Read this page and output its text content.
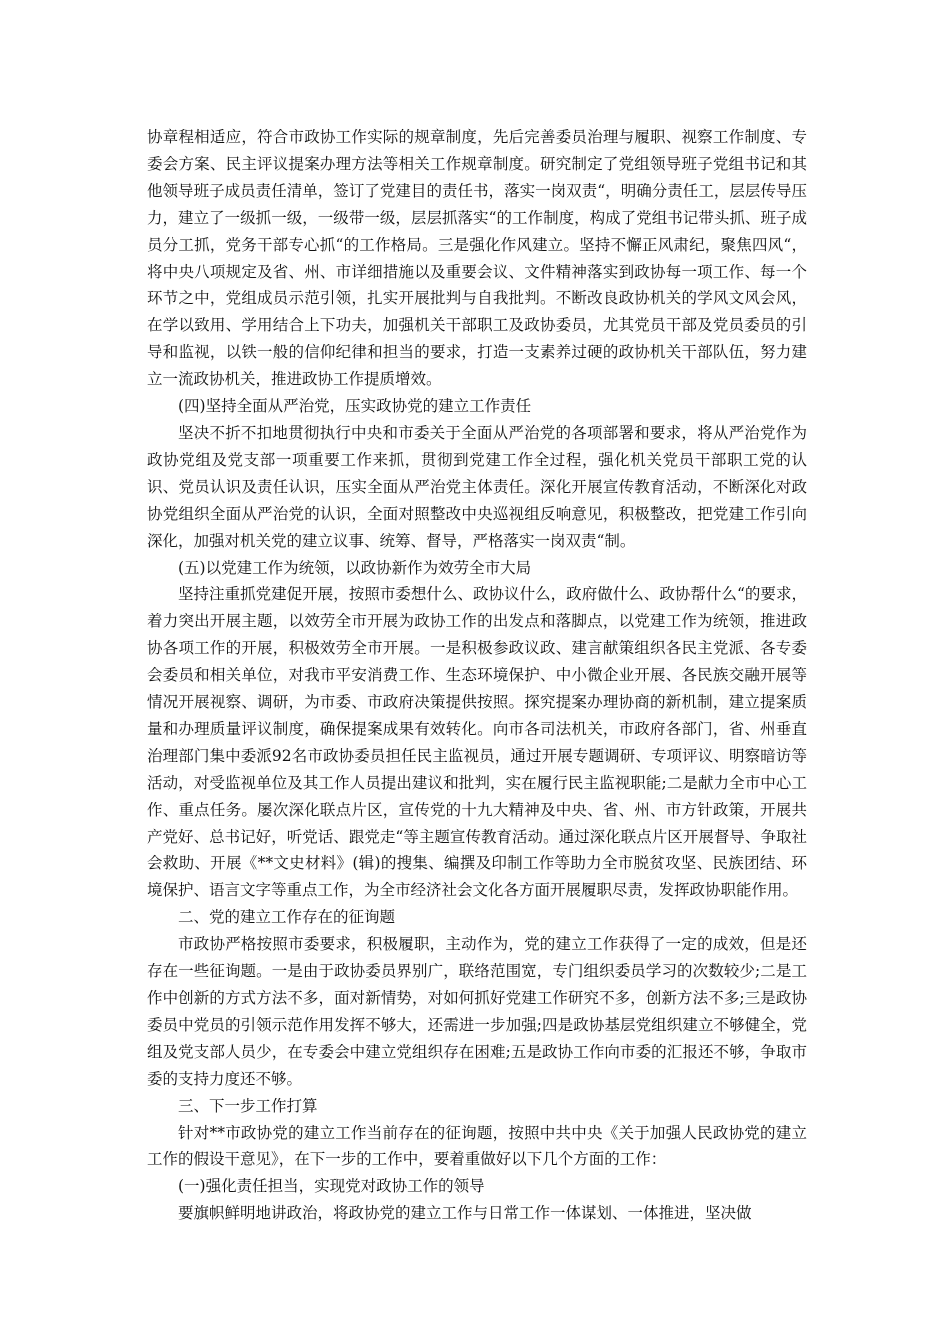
协章程相适应，符合市政协工作实际的规章制度，先后完善委员治理与履职、视察工作制度、专委会方案、民主评议提案办理方法等相关工作规章制度。研究制定了党组领导班子党组书记和其他领导班子成员责任清单，签订了党建目的责任书，落实一岗双责“，明确分责任工，层层传导压力，建立了一级抓一级，一级带一级，层层抓落实“的工作制度，构成了党组书记带头抓、班子成员分工抓，党务干部专心抓“的工作格局。三是强化作风建立。坚持不懈正风肃纪，聚焦四风“，将中央八项规定及省、州、市详细措施以及重要会议、文件精神落实到政协每一项工作、每一个环节之中，党组成员示范引领，扎实开展批判与自我批判。不断改良政协机关的学风文风会风，在学以致用、学用结合上下功夫，加强机关干部职工及政协委员，尤其党员干部及党员委员的引导和监视，以铁一般的信仰纪律和担当的要求，打造一支素养过硬的政协机关干部队伍，努力建立一流政协机关，推进政协工作提质增效。

(四)坚持全面从严治党，压实政协党的建立工作责任

坚决不折不扣地贯彻执行中央和市委关于全面从严治党的各项部署和要求，将从严治党作为政协党组及党支部一项重要工作来抓，贯彻到党建工作全过程，强化机关党员干部职工党的认识、党员认识及责任认识，压实全面从严治党主体责任。深化开展宣传教育活动，不断深化对政协党组织全面从严治党的认识，全面对照整改中央巡视组反响意见，积极整改，把党建工作引向深化，加强对机关党的建立议事、统筹、督导，严格落实一岗双责“制。

(五)以党建工作为统领，以政协新作为效劳全市大局

坚持注重抓党建促开展，按照市委想什么、政协议什么，政府做什么、政协帮什么“的要求，着力突出开展主题，以效劳全市开展为政协工作的出发点和落脚点，以党建工作为统领，推进政协各项工作的开展，积极效劳全市开展。一是积极参政议政、建言献策组织各民主党派、各专委会委员和相关单位，对我市平安消费工作、生态环境保护、中小微企业开展、各民族交融开展等情况开展视察、调研，为市委、市政府决策提供按照。探究提案办理协商的新机制，建立提案质量和办理质量评议制度，确保提案成果有效转化。向市各司法机关，市政府各部门，省、州垂直治理部门集中委派92名市政协委员担任民主监视员，通过开展专题调研、专项评议、明察暗访等活动，对受监视单位及其工作人员提出建议和批判，实在履行民主监视职能;二是献力全市中心工作、重点任务。屡次深化联点片区，宣传党的十九大精神及中央、省、州、市方针政策，开展共产党好、总书记好，听党话、跟党走“等主题宣传教育活动。通过深化联点片区开展督导、争取社会救助、开展《**文史材料》(辑)的搜集、编撰及印制工作等助力全市脱贫攻坚、民族团结、环境保护、语言文字等重点工作，为全市经济社会文化各方面开展履职尽责，发挥政协职能作用。

二、党的建立工作存在的征询题

市政协严格按照市委要求，积极履职，主动作为，党的建立工作获得了一定的成效，但是还存在一些征询题。一是由于政协委员界别广，联络范围宽，专门组织委员学习的次数较少;二是工作中创新的方式方法不多，面对新情势，对如何抓好党建工作研究不多，创新方法不多;三是政协委员中党员的引领示范作用发挥不够大，还需进一步加强;四是政协基层党组织建立不够健全，党组及党支部人员少，在专委会中建立党组织存在困难;五是政协工作向市委的汇报还不够，争取市委的支持力度还不够。

三、下一步工作打算

针对**市政协党的建立工作当前存在的征询题，按照中共中央《关于加强人民政协党的建立工作的假设干意见》，在下一步的工作中，要着重做好以下几个方面的工作：

(一)强化责任担当，实现党对政协工作的领导

要旗帜鲜明地讲政治，将政协党的建立工作与日常工作一体谋划、一体推进，坚决做
